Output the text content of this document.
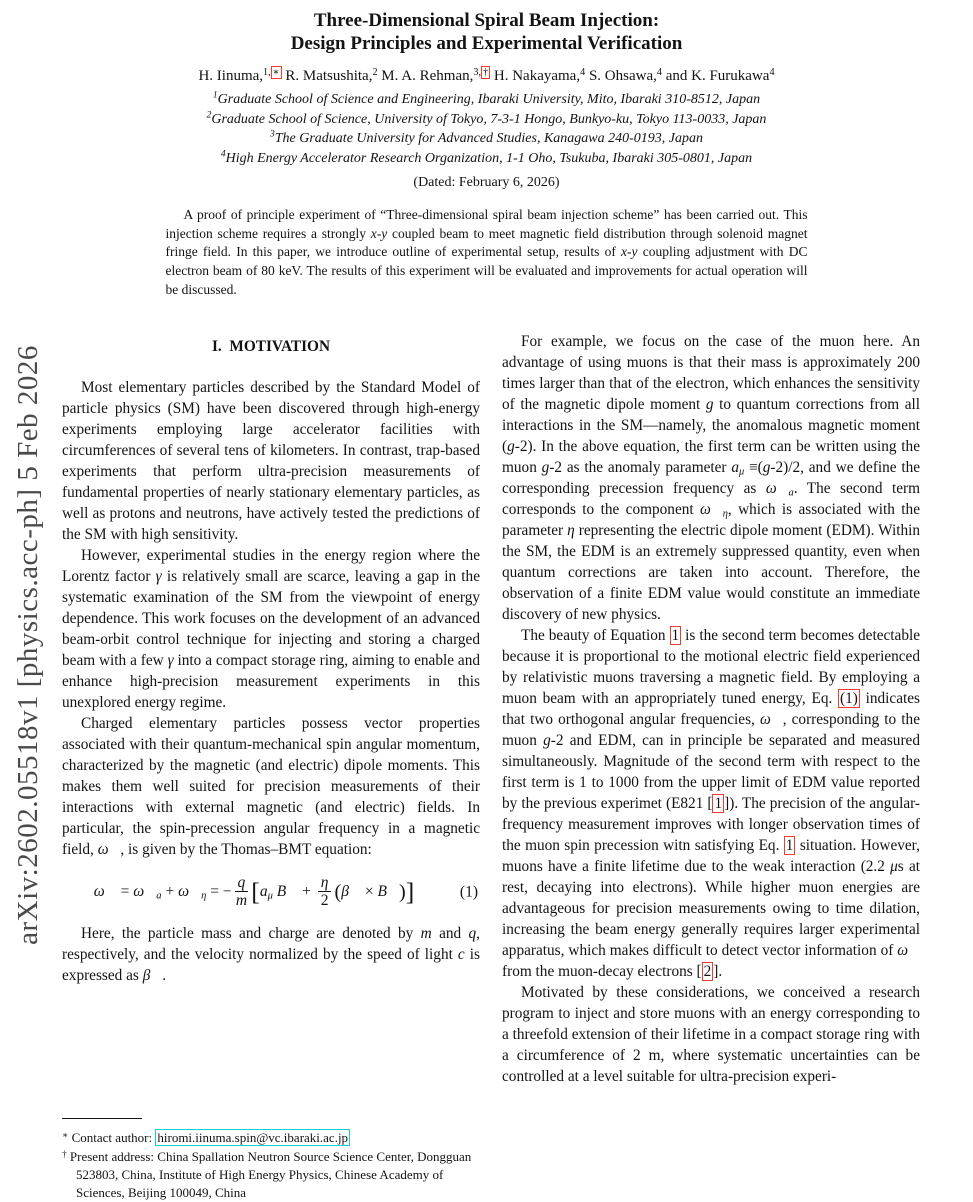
arXiv:2602.05518v1 [physics.acc-ph] 5 Feb 2026
Three-Dimensional Spiral Beam Injection:
Design Principles and Experimental Verification
H. Iinuma,$^{1,}$ ∗ R. Matsushita,$^2$ M. A. Rehman,$^{3,}$ † H. Nakayama,$^4$ S. Ohsawa,$^4$ and K. Furukawa$^4$
$^1$Graduate School of Science and Engineering, Ibaraki University, Mito, Ibaraki 310-8512, Japan
$^2$Graduate School of Science, University of Tokyo, 7-3-1 Hongo, Bunkyo-ku, Tokyo 113-0033, Japan
$^3$The Graduate University for Advanced Studies, Kanagawa 240-0193, Japan
$^4$High Energy Accelerator Research Organization, 1-1 Oho, Tsukuba, Ibaraki 305-0801, Japan
(Dated: February 6, 2026)

A proof of principle experiment of “Three-dimensional spiral beam injection scheme” has been carried out. This injection scheme requires a strongly x-y coupled beam to meet magnetic field distribution through solenoid magnet fringe field. In this paper, we introduce outline of experimental setup, results of x-y coupling adjustment with DC electron beam of 80 keV. The results of this experiment will be evaluated and improvements for actual operation will be discussed.

I.  MOTIVATION

Most elementary particles described by the Standard Model of particle physics (SM) have been discovered through high-energy experiments employing large accelerator facilities with circumferences of several tens of kilometers. In contrast, trap-based experiments that perform ultra-precision measurements of fundamental properties of nearly stationary elementary particles, as well as protons and neutrons, have actively tested the predictions of the SM with high sensitivity.

However, experimental studies in the energy region where the Lorentz factor γ is relatively small are scarce, leaving a gap in the systematic examination of the SM from the viewpoint of energy dependence. This work focuses on the development of an advanced beam-orbit control technique for injecting and storing a charged beam with a few γ into a compact storage ring, aiming to enable and enhance high-precision measurement experiments in this unexplored energy regime.

Charged elementary particles possess vector properties associated with their quantum-mechanical spin angular momentum, characterized by the magnetic (and electric) dipole moments. This makes them well suited for precision measurements of their interactions with external magnetic (and electric) fields. In particular, the spin-precession angular frequency in a magnetic field, ω⃗, is given by the Thomas–BMT equation:

ω⃗ = $\omega⃗_a$ + $\omega⃗_\eta$ = − $\frac{q}{m} [a_\mu$ B⃗ + $\frac{\eta}{2}$ (β⃗ × B⃗)]	(1)

Here, the particle mass and charge are denoted by m and q, respectively, and the velocity normalized by the speed of light c is expressed as β⃗.

For example, we focus on the case of the muon here. An advantage of using muons is that their mass is approximately 200 times larger than that of the electron, which enhances the sensitivity of the magnetic dipole moment g to quantum corrections from all interactions in the SM—namely, the anomalous magnetic moment (g-2). In the above equation, the first term can be written using the muon g-2 as the anomaly parameter $a_\mu \equiv(g-2)/2$, and we define the corresponding precession frequency as $\omega⃗_a$. The second term corresponds to the component $\omega⃗_\eta$, which is associated with the parameter η representing the electric dipole moment (EDM). Within the SM, the EDM is an extremely suppressed quantity, even when quantum corrections are taken into account. Therefore, the observation of a finite EDM value would constitute an immediate discovery of new physics.

The beauty of Equation 1 is the second term becomes detectable because it is proportional to the motional electric field experienced by relativistic muons traversing a magnetic field. By employing a muon beam with an appropriately tuned energy, Eq. (1) indicates that two orthogonal angular frequencies, ω⃗, corresponding to the muon g-2 and EDM, can in principle be separated and measured simultaneously. Magnitude of the second term with respect to the first term is 1 to 1000 from the upper limit of EDM value reported by the previous experimet (E821 [ 1 ]). The precision of the angular-frequency measurement improves with longer observation times of the muon spin precession witn satisfying Eq. 1 situation. However, muons have a finite lifetime due to the weak interaction (2.2 μs at rest, decaying into electrons). While higher muon energies are advantageous for precision measurements owing to time dilation, increasing the beam energy generally requires larger experimental apparatus, which makes difficult to detect vector information of ω⃗ from the muon-decay electrons [ 2 ].

Motivated by these considerations, we conceived a research program to inject and store muons with an energy corresponding to a threefold extension of their lifetime in a compact storage ring with a circumference of 2 m, where systematic uncertainties can be controlled at a level suitable for ultra-precision experi-

∗ Contact author: hiromi.iinuma.spin@vc.ibaraki.ac.jp
† Present address: China Spallation Neutron Source Science Center, Dongguan 523803, China, Institute of High Energy Physics, Chinese Academy of Sciences, Beijing 100049, China
